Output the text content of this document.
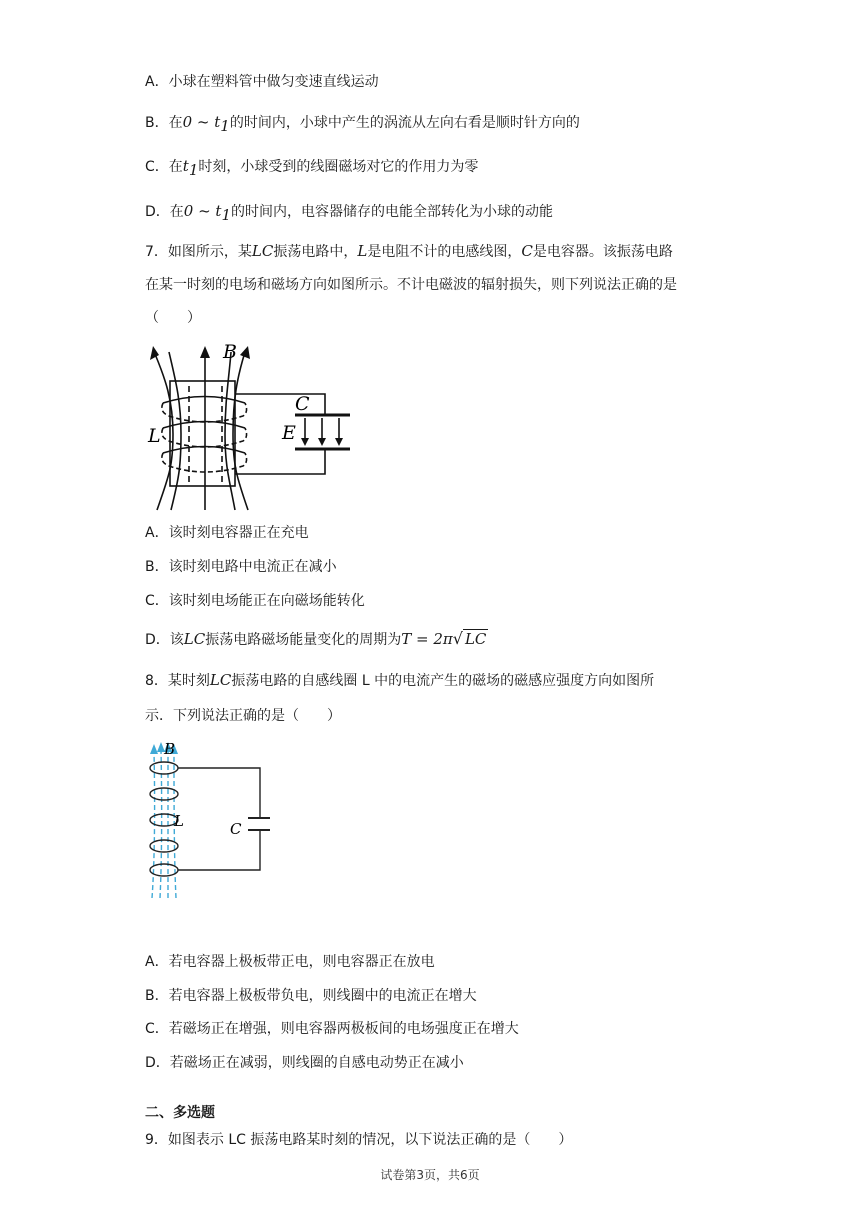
A．小球在塑料管中做匀变速直线运动
B．在0 ~ $t_1$的时间内，小球中产生的涡流从左向右看是顺时针方向的
C．在$t_1$时刻，小球受到的线圈磁场对它的作用力为零
D．在0 ~ $t_1$的时间内，电容器储存的电能全部转化为小球的动能
7．如图所示，某LC振荡电路中，L是电阻不计的电感线图，C是电容器。该振荡电路
在某一时刻的电场和磁场方向如图所示。不计电磁波的辐射损失，则下列说法正确的是
（　　）
B
C
E
L
A．该时刻电容器正在充电
B．该时刻电路中电流正在减小
C．该时刻电场能正在向磁场能转化
D．该LC振荡电路磁场能量变化的周期为T = 2π√ LC
8．某时刻LC振荡电路的自感线圈 L 中的电流产生的磁场的磁感应强度方向如图所
示．下列说法正确的是（　　）
B
L	C
A．若电容器上极板带正电，则电容器正在放电
B．若电容器上极板带负电，则线圈中的电流正在增大
C．若磁场正在增强，则电容器两极板间的电场强度正在增大
D．若磁场正在减弱，则线圈的自感电动势正在减小
二、多选题
9．如图表示 LC 振荡电路某时刻的情况，以下说法正确的是（　　）
试卷第3页，共6页
